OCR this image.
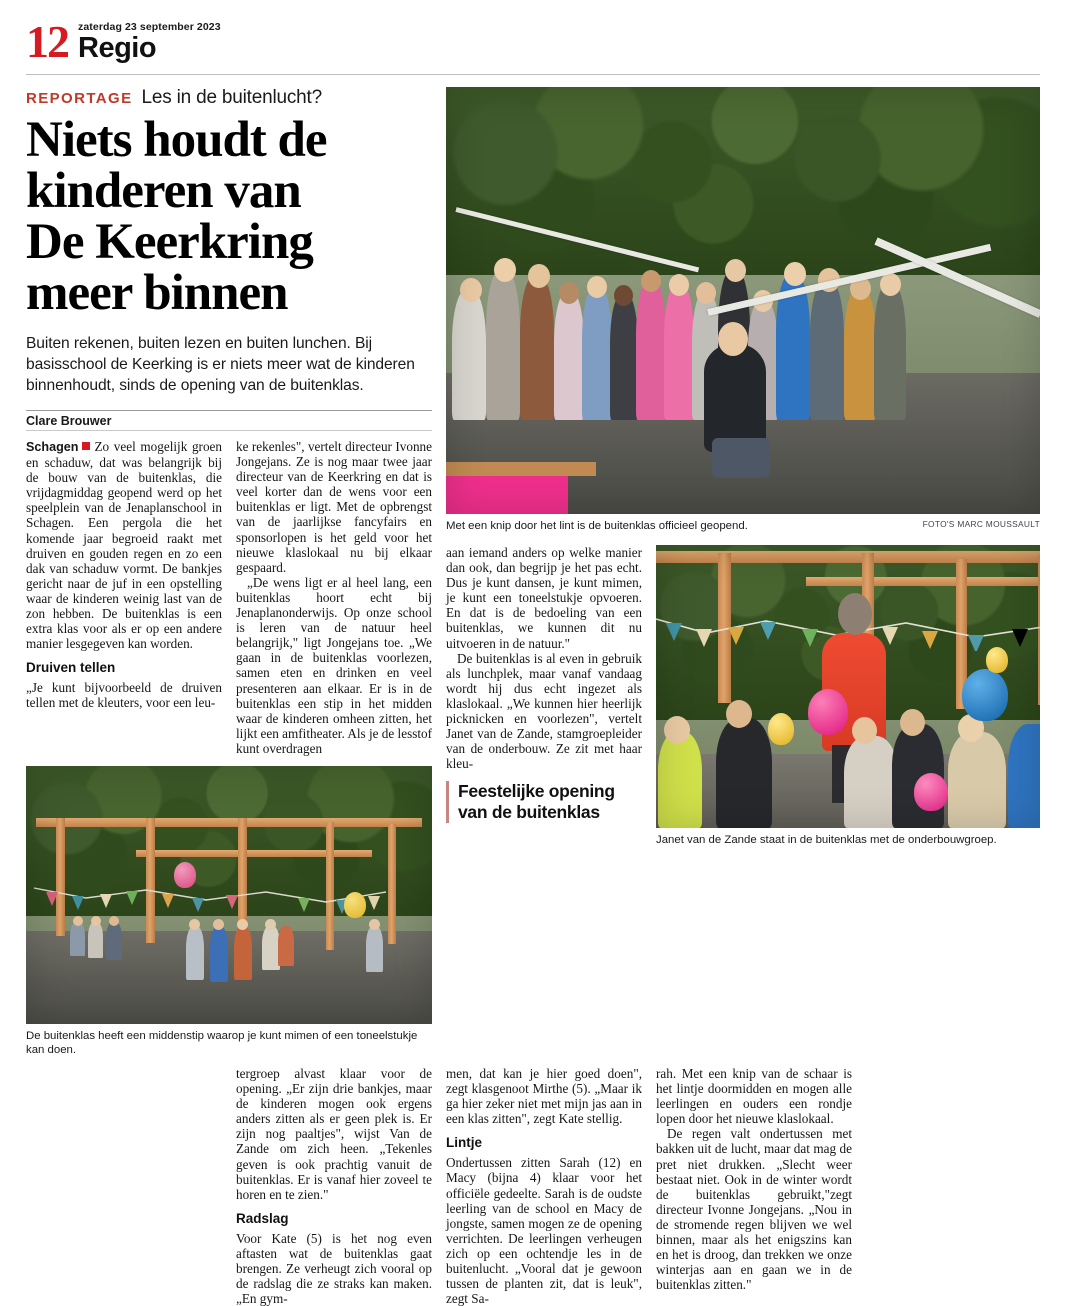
12 zaterdag 23 september 2023
Regio
REPORTAGE Les in de buitenlucht?
Niets houdt de
kinderen van
De Keerkring
meer binnen
Buiten rekenen, buiten lezen en buiten lunchen. Bij basisschool de Keerking is er niets meer wat de kinderen binnenhoudt, sinds de opening van de buitenklas.
Clare Brouwer

Schagen Zo veel mogelijk groen en schaduw, dat was belangrijk bij de bouw van de buitenklas, die vrijdagmiddag geopend werd op het speelplein van de Jenaplanschool in Schagen. Een pergola die het komende jaar begroeid raakt met druiven en gouden regen en zo een dak van schaduw vormt. De bankjes gericht naar de juf in een opstelling waar de kinderen weinig last van de zon hebben. De buitenklas is een extra klas voor als er op een andere manier lesgegeven kan worden.

Druiven tellen

„Je kunt bijvoorbeeld de druiven tellen met de kleuters, voor een leu-

ke rekenles", vertelt directeur Ivonne Jongejans. Ze is nog maar twee jaar directeur van de Keerkring en dat is veel korter dan de wens voor een buitenklas er ligt. Met de opbrengst van de jaarlijkse fancyfairs en sponsorlopen is het geld voor het nieuwe klaslokaal nu bij elkaar gespaard.

„De wens ligt er al heel lang, een buitenklas hoort echt bij Jenaplanonderwijs. Op onze school is leren van de natuur heel belangrijk," ligt Jongejans toe. „We gaan in de buitenklas voorlezen, samen eten en drinken en veel presenteren aan elkaar. Er is in de buitenklas een stip in het midden waar de kinderen omheen zitten, het lijkt een amfitheater. Als je de lesstof kunt overdragen

De buitenklas heeft een middenstip waarop je kunt mimen of een toneelstukje kan doen.
Met een knip door het lint is de buitenklas officieel geopend.	FOTO'S MARC MOUSSAULT

aan iemand anders op welke manier dan ook, dan begrijp je het pas echt. Dus je kunt dansen, je kunt mimen, je kunt een toneelstukje opvoeren. En dat is de bedoeling van een buitenklas, we kunnen dit nu uitvoeren in de natuur."

De buitenklas is al even in gebruik als lunchplek, maar vanaf vandaag wordt hij dus echt ingezet als klaslokaal. „We kunnen hier heerlijk picknicken en voorlezen", vertelt Janet van de Zande, stamgroepleider van de onderbouw. Ze zit met haar kleu-

Feestelijke opening van de buitenklas
Janet van de Zande staat in de buitenklas met de onderbouwgroep.

tergroep alvast klaar voor de opening. „Er zijn drie bankjes, maar de kinderen mogen ook ergens anders zitten als er geen plek is. Er zijn nog paaltjes", wijst Van de Zande om zich heen. „Tekenles geven is ook prachtig vanuit de buitenklas. Er is vanaf hier zoveel te horen en te zien."

Radslag

Voor Kate (5) is het nog even aftasten wat de buitenklas gaat brengen. Ze verheugt zich vooral op de radslag die ze straks kan maken. „En gym-

men, dat kan je hier goed doen", zegt klasgenoot Mirthe (5). „Maar ik ga hier zeker niet met mijn jas aan in een klas zitten", zegt Kate stellig.

Lintje

Ondertussen zitten Sarah (12) en Macy (bijna 4) klaar voor het officiële gedeelte. Sarah is de oudste leerling van de school en Macy de jongste, samen mogen ze de opening verrichten. De leerlingen verheugen zich op een ochtendje les in de buitenlucht. „Vooral dat je gewoon tussen de planten zit, dat is leuk", zegt Sa-

rah. Met een knip van de schaar is het lintje doormidden en mogen alle leerlingen en ouders een rondje lopen door het nieuwe klaslokaal.

De regen valt ondertussen met bakken uit de lucht, maar dat mag de pret niet drukken. „Slecht weer bestaat niet. Ook in de winter wordt de buitenklas gebruikt,"zegt directeur Ivonne Jongejans. „Nou in de stromende regen blijven we wel binnen, maar als het enigszins kan en het is droog, dan trekken we onze winterjas aan en gaan we in de buitenklas zitten."
